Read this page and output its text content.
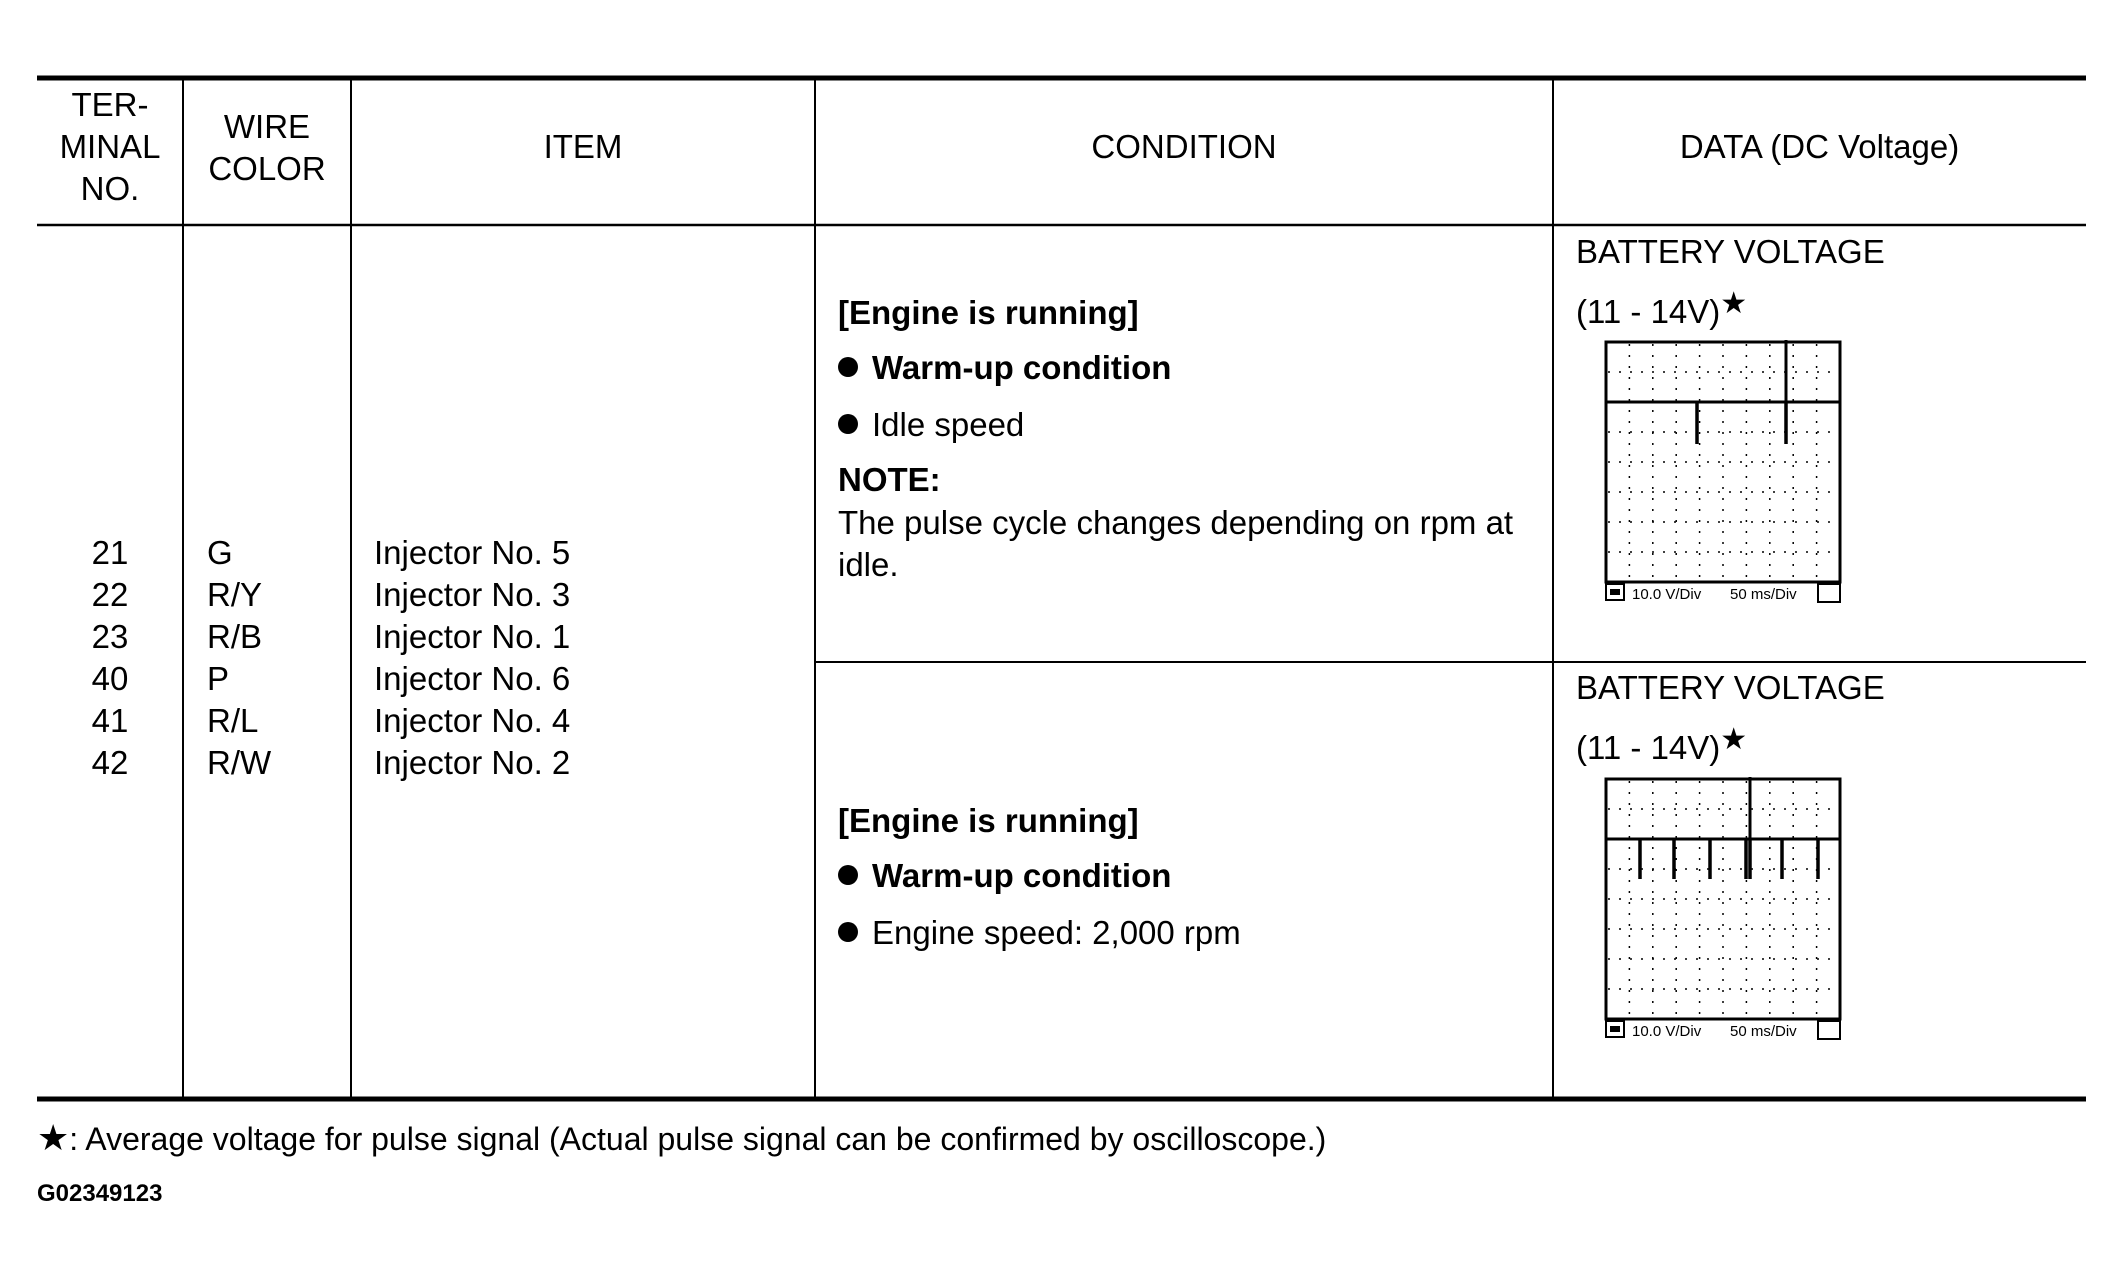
TER-
MINAL
NO.
WIRE
COLOR
ITEM	CONDITION	DATA (DC Voltage)
21
22
23
40
41
42
G
R/Y
R/B
P
R/L
R/W
Injector No. 5
Injector No. 3
Injector No. 1
Injector No. 6
Injector No. 4
Injector No. 2
[Engine is running]
Warm-up condition
Idle speed
NOTE:
The pulse cycle changes depending on rpm at
idle.
[Engine is running]
Warm-up condition
Engine speed: 2,000 rpm
BATTERY VOLTAGE
(11 - 14V)★
10.0 V/Div 50 ms/Div
BATTERY VOLTAGE
(11 - 14V)★
10.0 V/Div 50 ms/Div
★: Average voltage for pulse signal (Actual pulse signal can be confirmed by oscilloscope.)
G02349123
